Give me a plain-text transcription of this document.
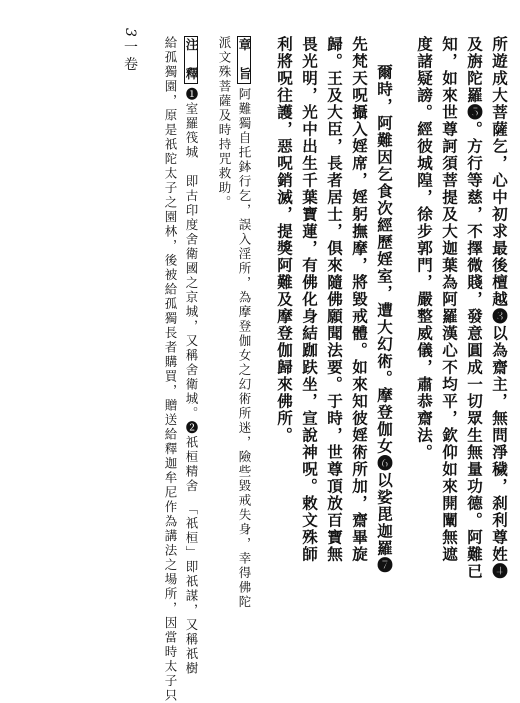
3一卷	所遊成大菩薩乞，心中初求最後檀越❸以為齋主，無問淨穢，刹利尊姓❹
及旃陀羅❺。方行等慈，不擇微賤，發意圓成一切眾生無量功德。阿難已
知，如來世尊訶須菩提及大迦葉為阿羅漢心不均平，欽仰如來開闡無遮
度諸疑謗。經彼城隍，徐步郭門，嚴整威儀，肅恭齋法。
爾時，阿難因乞食次經歷婬室，遭大幻術。摩登伽女❻以娑毘迦羅❼
先梵天呪攝入婬席，婬躬撫摩，將毀戒體。如來知彼婬術所加，齋畢旋
歸。王及大臣，長者居士，俱來隨佛願聞法要。于時，世尊頂放百寶無
畏光明，光中出生千葉寶蓮，有佛化身結跏趺坐，宣說神呪。敕文殊師
利將呪往護，惡呪銷滅，提獎阿難及摩登伽歸來佛所。
章　旨阿難獨自托鉢行乞，誤入淫所，為摩登伽女之幻術所迷，險些毀戒失身，幸得佛陀
派文殊菩薩及時持咒救助。
注　釋❶室羅筏城　即古印度舍衛國之京城，又稱舍衛城。❷祇桓精舍　「祇桓」即祇謀，又稱祇樹
給孤獨園，原是祇陀太子之園林，後被給孤獨長者購買，贈送給釋迦牟尼作為講法之場所，因當時太子只
